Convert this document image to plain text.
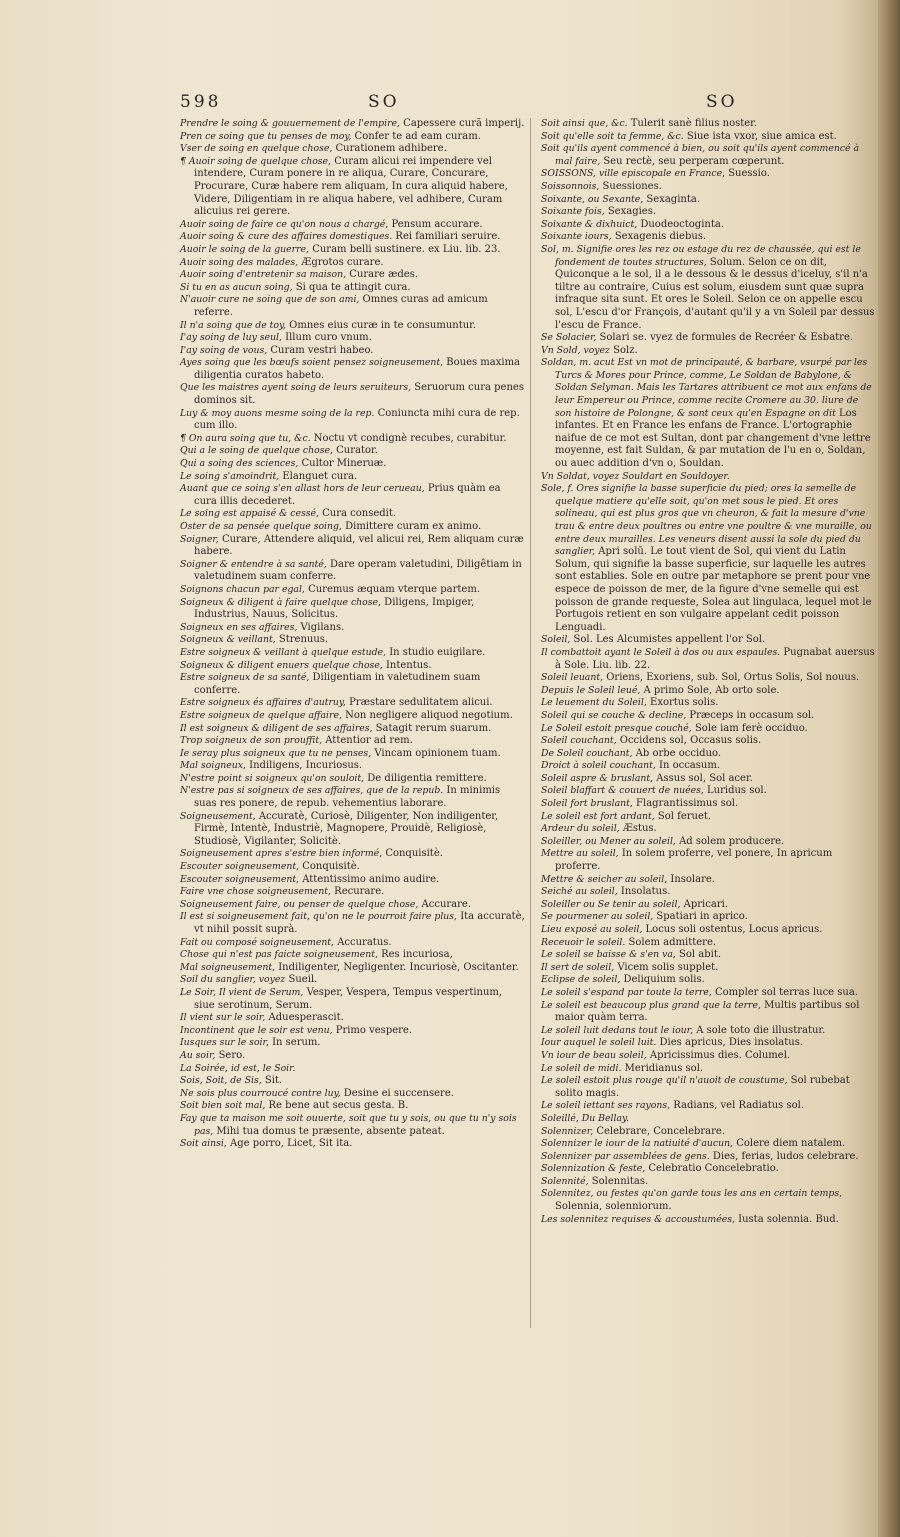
598	SO	SO

Prendre le soing & gouuernement de l'empire, Capessere curã imperij.

Pren ce soing que tu penses de moy, Confer te ad eam curam.

Vser de soing en quelque chose, Curationem adhibere.

¶ Auoir soing de quelque chose, Curam alicui rei impendere vel intendere, Curam ponere in re aliqua, Curare, Concurare, Procurare, Curæ habere rem aliquam, In cura aliquid habere, Videre, Diligentiam in re aliqua habere, vel adhibere, Curam alicuius rei gerere.

Auoir soing de faire ce qu'on nous a chargé, Pensum accurare.

Auoir soing & cure des affaires domestiques. Rei familiari seruire.

Auoir le soing de la guerre, Curam belli sustinere. ex Liu. lib. 23.

Auoir soing des malades, Ægrotos curare.

Auoir soing d'entretenir sa maison, Curare ædes.

Si tu en as aucun soing, Si qua te attingit cura.

N'auoir cure ne soing que de son ami, Omnes curas ad amicum referre.

Il n'a soing que de toy, Omnes eius curæ in te consumuntur.

I'ay soing de luy seul, Illum curo vnum.

I'ay soing de vous, Curam vestri habeo.

Ayes soing que les bœufs soient pensez soigneusement, Boues maxima diligentia curatos habeto.

Que les maistres ayent soing de leurs seruiteurs, Seruorum cura penes dominos sit.

Luy & moy auons mesme soing de la rep. Coniuncta mihi cura de rep. cum illo.

¶ On aura soing que tu, &c. Noctu vt condignè recubes, curabitur.

Qui a le soing de quelque chose, Curator.

Qui a soing des sciences, Cultor Mineruæ.

Le soing s'amoindrit, Elanguet cura.

Auant que ce soing s'en allast hors de leur cerueau, Prius quàm ea cura illis decederet.

Le soing est appaisé & cessé, Cura consedit.

Oster de sa pensée quelque soing, Dimittere curam ex animo.

Soigner, Curare, Attendere aliquid, vel alicui rei, Rem aliquam curæ habere.

Soigner & entendre à sa santé, Dare operam valetudini, Diligêtiam in valetudinem suam conferre.

Soignons chacun par egal, Curemus æquam vterque partem.

Soigneux & diligent à faire quelque chose, Diligens, Impiger, Industrius, Nauus, Solicitus.

Soigneux en ses affaires, Vigilans.

Soigneux & veillant, Strenuus.

Estre soigneux & veillant à quelque estude, In studio euigilare.

Soigneux & diligent enuers quelque chose, Intentus.

Estre soigneux de sa santé, Diligentiam in valetudinem suam conferre.

Estre soigneux és affaires d'autruy, Præstare sedulitatem alicui.

Estre soigneux de quelque affaire, Non negligere aliquod negotium.

Il est soigneux & diligent de ses affaires, Satagit rerum suarum.

Trop soigneux de son prouffit, Attentior ad rem.

Ie seray plus soigneux que tu ne penses, Vincam opinionem tuam.

Mal soigneux, Indiligens, Incuriosus.

N'estre point si soigneux qu'on souloit, De diligentia remittere.

N'estre pas si soigneux de ses affaires, que de la repub. In minimis suas res ponere, de repub. vehementius laborare.

Soigneusement, Accuratè, Curiosè, Diligenter, Non indiligenter, Firmè, Intentè, Industriè, Magnopere, Prouidè, Religiosè, Studiosè, Vigilanter, Solicitè.

Soigneusement apres s'estre bien informé, Conquisitè.

Escouter soigneusement, Conquisitè.

Escouter soigneusement, Attentissimo animo audire.

Faire vne chose soigneusement, Recurare.

Soigneusement faire, ou penser de quelque chose, Accurare.

Il est si soigneusement fait, qu'on ne le pourroit faire plus, Ita accuratè, vt nihil possit suprà.

Fait ou composé soigneusement, Accuratus.

Chose qui n'est pas faicte soigneusement, Res incuriosa,

Mal soigneusement, Indiligenter, Negligenter. Incuriosè, Oscitanter.

Soil du sanglier, voyez Sueil.

Le Soir, Il vient de Serum, Vesper, Vespera, Tempus vespertinum, siue serotinum, Serum.

Il vient sur le soir, Aduesperascit.

Incontinent que le soir est venu, Primo vespere.

Iusques sur le soir, In serum.

Au soir, Sero.

La Soirée, id est, le Soir.

Sois, Soit, de Sis, Sit.

Ne sois plus courroucé contre luy, Desine ei succensere.

Soit bien soit mal, Re bene aut secus gesta. B.

Fay que ta maison me soit ouuerte, soit que tu y sois, ou que tu n'y sois pas, Mihi tua domus te præsente, absente pateat.

Soit ainsi, Age porro, Licet, Sit ita.

Soit ainsi que, &c. Tulerit sanè filius noster.

Soit qu'elle soit ta femme, &c. Siue ista vxor, siue amica est.

Soit qu'ils ayent commencé à bien, ou soit qu'ils ayent commencé à mal faire, Seu rectè, seu perperam cœperunt.

SOISSONS, ville episcopale en France, Suessio.

Soissonnois, Suessiones.

Soixante, ou Sexante, Sexaginta.

Soixante fois, Sexagies.

Soixante & dixhuict, Duodeoctoginta.

Soixante iours, Sexagenis diebus.

Sol, m. Signifie ores les rez ou estage du rez de chaussée, qui est le fondement de toutes structures, Solum. Selon ce on dit, Quiconque a le sol, il a le dessous & le dessus d'iceluy, s'il n'a tiltre au contraire, Cuius est solum, eiusdem sunt quæ supra infraque sita sunt. Et ores le Soleil. Selon ce on appelle escu sol, L'escu d'or François, d'autant qu'il y a vn Soleil par dessus l'escu de France.

Se Solacier, Solari se. vyez de formules de Recréer & Esbatre.

Vn Sold, voyez Solz.

Soldan, m. acut Est vn mot de principauté, & barbare, vsurpé par les Turcs & Mores pour Prince, comme, Le Soldan de Babylone, & Soldan Selyman. Mais les Tartares attribuent ce mot aux enfans de leur Empereur ou Prince, comme recite Cromere au 30. liure de son histoire de Polongne, & sont ceux qu'en Espagne on dit Los infantes. Et en France les enfans de France. L'ortographie naifue de ce mot est Sultan, dont par changement d'vne lettre moyenne, est fait Suldan, & par mutation de l'u en o, Soldan, ou auec addition d'vn o, Souldan.

Vn Soldat, voyez Souldart en Souldoyer.

Sole, f. Ores signifie la basse superficie du pied; ores la semelle de quelque matiere qu'elle soit, qu'on met sous le pied. Et ores solineau, qui est plus gros que vn cheuron, & fait la mesure d'vne trau & entre deux poultres ou entre vne poultre & vne muraille, ou entre deux murailles. Les veneurs disent aussi la sole du pied du sanglier, Apri solū. Le tout vient de Sol, qui vient du Latin Solum, qui signifie la basse superficie, sur laquelle les autres sont establies. Sole en outre par metaphore se prent pour vne espece de poisson de mer, de la figure d'vne semelle qui est poisson de grande requeste, Solea aut lingulaca, lequel mot le Portugois retient en son vulgaire appelant cedit poisson Lenguadi.

Soleil, Sol. Les Alcumistes appellent l'or Sol.

Il combattoit ayant le Soleil à dos ou aux espaules. Pugnabat auersus à Sole. Liu. lib. 22.

Soleil leuant, Oriens, Exoriens, sub. Sol, Ortus Solis, Sol nouus.

Depuis le Soleil leué, A primo Sole, Ab orto sole.

Le leuement du Soleil, Exortus solis.

Soleil qui se couche & decline, Præceps in occasum sol.

Le Soleil estoit presque couché, Sole iam ferè occiduo.

Soleil couchant, Occidens sol, Occasus solis.

De Soleil couchant, Ab orbe occiduo.

Droict à soleil couchant, In occasum.

Soleil aspre & bruslant, Assus sol, Sol acer.

Soleil blaffart & couuert de nuées, Luridus sol.

Soleil fort bruslant, Flagrantissimus sol.

Le soleil est fort ardant, Sol feruet.

Ardeur du soleil, Æstus.

Soleiller, ou Mener au soleil, Ad solem producere.

Mettre au soleil, In solem proferre, vel ponere, In apricum proferre.

Mettre & seicher au soleil, Insolare.

Seiché au soleil, Insolatus.

Soleiller ou Se tenir au soleil, Apricari.

Se pourmener au soleil, Spatiari in aprico.

Lieu exposé au soleil, Locus soli ostentus, Locus apricus.

Receuoir le soleil. Solem admittere.

Le soleil se baisse & s'en va, Sol abit.

Il sert de soleil, Vicem solis supplet.

Eclipse de soleil, Deliquium solis.

Le soleil s'espand par toute la terre, Compler sol terras luce sua.

Le soleil est beaucoup plus grand que la terre, Multis partibus sol maior quàm terra.

Le soleil luit dedans tout le iour, A sole toto die illustratur.

Iour auquel le soleil luit. Dies apricus, Dies insolatus.

Vn iour de beau soleil, Apricissimus dies. Columel.

Le soleil de midi. Meridianus sol.

Le soleil estoit plus rouge qu'il n'auoit de coustume, Sol rubebat solito magis.

Le soleil iettant ses rayons, Radians, vel Radiatus sol.

Soleillé, Du Bellay.

Solennizer, Celebrare, Concelebrare.

Solennizer le iour de la natiuité d'aucun, Colere diem natalem.

Solennizer par assemblées de gens. Dies, ferias, ludos celebrare.

Solennization & feste, Celebratio Concelebratio.

Solennité, Solennitas.

Solennitez, ou festes qu'on garde tous les ans en certain temps, Solennia, solenniorum.

Les solennitez requises & accoustumées, Iusta solennia. Bud.
